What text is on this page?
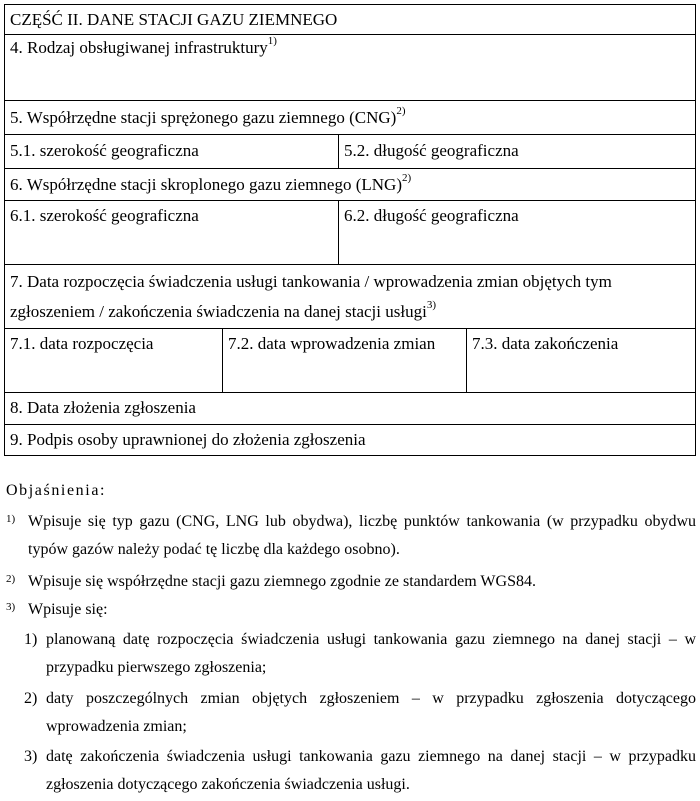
CZĘŚĆ II. DANE STACJI GAZU ZIEMNEGO
4. Rodzaj obsługiwanej infrastruktury$^{1)}$
5. Współrzędne stacji sprężonego gazu ziemnego (CNG)$^{2)}$
5.1. szerokość geograficzna	5.2. długość geograficzna
6. Współrzędne stacji skroplonego gazu ziemnego (LNG)$^{2)}$
6.1. szerokość geograficzna	6.2. długość geograficzna
7. Data rozpoczęcia świadczenia usługi tankowania / wprowadzenia zmian objętych tym
zgłoszeniem / zakończenia świadczenia na danej stacji usługi$^{3)}$
7.1. data rozpoczęcia	7.2. data wprowadzenia zmian	7.3. data zakończenia
8. Data złożenia zgłoszenia
9. Podpis osoby uprawnionej do złożenia zgłoszenia
Objaśnienia:
1) Wpisuje się typ gazu (CNG, LNG lub obydwa), liczbę punktów tankowania (w przypadku obydwu typów gazów należy podać tę liczbę dla każdego osobno).
2) Wpisuje się współrzędne stacji gazu ziemnego zgodnie ze standardem WGS84.
3) Wpisuje się:
1) planowaną datę rozpoczęcia świadczenia usługi tankowania gazu ziemnego na danej stacji – w przypadku pierwszego zgłoszenia;
2) daty poszczególnych zmian objętych zgłoszeniem – w przypadku zgłoszenia dotyczącego wprowadzenia zmian;
3) datę zakończenia świadczenia usługi tankowania gazu ziemnego na danej stacji – w przypadku zgłoszenia dotyczącego zakończenia świadczenia usługi.
